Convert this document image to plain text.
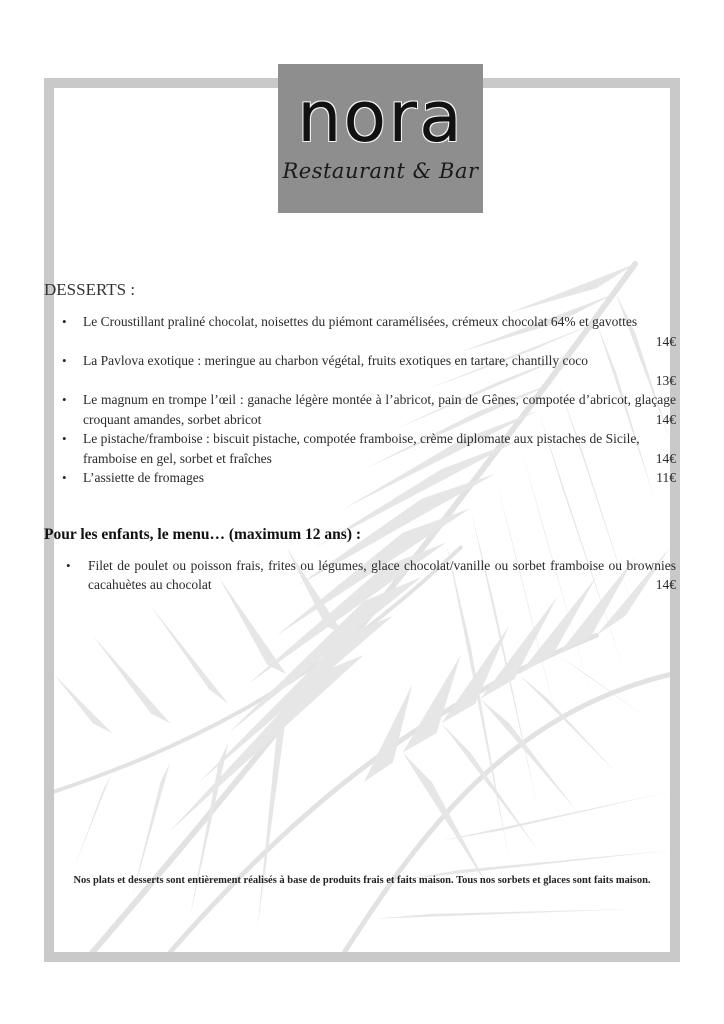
nora
Restaurant & Bar
DESSERTS :
• Le Croustillant praliné chocolat, noisettes du piémont caramélisées, crémeux chocolat 64% et gavottes
14€
• La Pavlova exotique : meringue au charbon végétal, fruits exotiques en tartare, chantilly coco
13€
• Le magnum en trompe l’œil : ganache légère montée à l’abricot, pain de Gênes, compotée d’abricot, glaçage croquant amandes, sorbet abricot	14€
• Le pistache/framboise : biscuit pistache, compotée framboise, crème diplomate aux pistaches de Sicile, framboise en gel, sorbet et fraîches	14€
• L’assiette de fromages	11€
Pour les enfants, le menu… (maximum 12 ans) :
• Filet de poulet ou poisson frais, frites ou légumes, glace chocolat/vanille ou sorbet framboise ou brownies cacahuètes au chocolat	14€
Nos plats et desserts sont entièrement réalisés à base de produits frais et faits maison. Tous nos sorbets et glaces sont faits maison.
